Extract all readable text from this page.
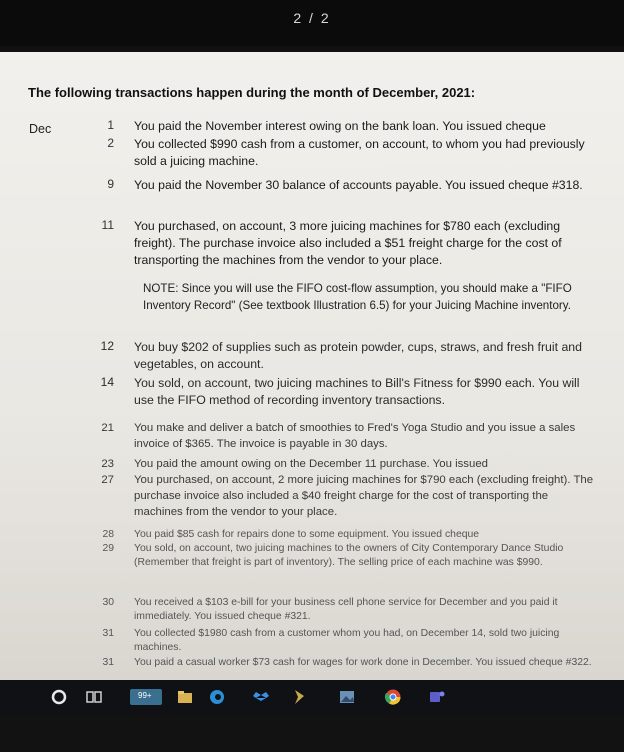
2 / 2
The following transactions happen during the month of December, 2021:
Dec	1 You paid the November interest owing on the bank loan. You issued cheque
2 You collected $990 cash from a customer, on account, to whom you had previously sold a juicing machine.
9 You paid the November 30 balance of accounts payable. You issued cheque #318.
11 You purchased, on account, 3 more juicing machines for $780 each (excluding freight). The purchase invoice also included a $51 freight charge for the cost of transporting the machines from the vendor to your place.
NOTE: Since you will use the FIFO cost-flow assumption, you should make a "FIFO Inventory Record" (See textbook Illustration 6.5) for your Juicing Machine inventory.
12 You buy $202 of supplies such as protein powder, cups, straws, and fresh fruit and vegetables, on account.
14 You sold, on account, two juicing machines to Bill's Fitness for $990 each. You will use the FIFO method of recording inventory transactions.
21 You make and deliver a batch of smoothies to Fred's Yoga Studio and you issue a sales invoice of $365. The invoice is payable in 30 days.
23 You paid the amount owing on the December 11 purchase. You issued
27 You purchased, on account, 2 more juicing machines for $790 each (excluding freight). The purchase invoice also included a $40 freight charge for the cost of transporting the machines from the vendor to your place.
28 You paid $85 cash for repairs done to some equipment. You issued cheque
29 You sold, on account, two juicing machines to the owners of City Contemporary Dance Studio (Remember that freight is part of inventory). The selling price of each machine was $990.
30 You received a $103 e-bill for your business cell phone service for December and you paid it immediately. You issued cheque #321.
31 You collected $1980 cash from a customer whom you had, on December 14, sold two juicing machines.
31 You paid a casual worker $73 cash for wages for work done in December. You issued cheque #322.
99+
